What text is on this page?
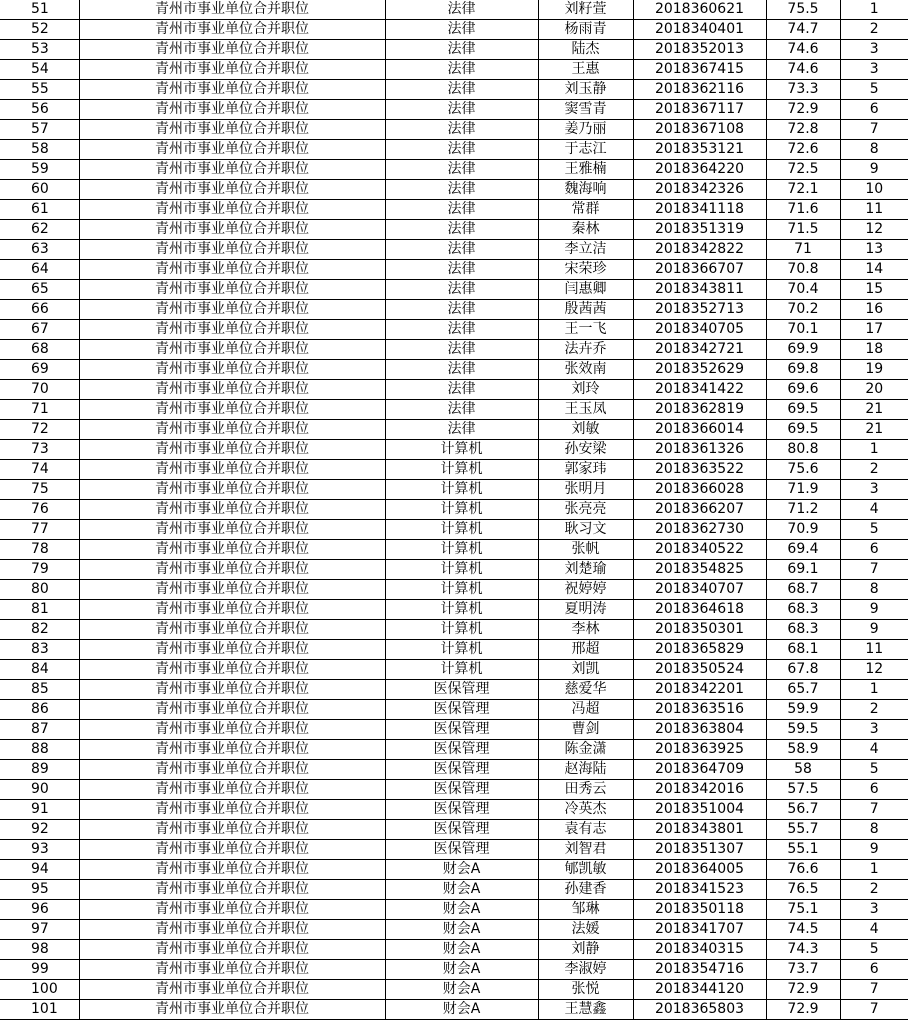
51	青州市事业单位合并职位	法律	刘籽萱	2018360621	75.5	1
52	青州市事业单位合并职位	法律	杨雨青	2018340401	74.7	2
53	青州市事业单位合并职位	法律	陆杰	2018352013	74.6	3
54	青州市事业单位合并职位	法律	王惠	2018367415	74.6	3
55	青州市事业单位合并职位	法律	刘玉静	2018362116	73.3	5
56	青州市事业单位合并职位	法律	窦雪青	2018367117	72.9	6
57	青州市事业单位合并职位	法律	姜乃丽	2018367108	72.8	7
58	青州市事业单位合并职位	法律	于志江	2018353121	72.6	8
59	青州市事业单位合并职位	法律	王雅楠	2018364220	72.5	9
60	青州市事业单位合并职位	法律	魏海响	2018342326	72.1	10
61	青州市事业单位合并职位	法律	常群	2018341118	71.6	11
62	青州市事业单位合并职位	法律	秦林	2018351319	71.5	12
63	青州市事业单位合并职位	法律	李立洁	2018342822	71	13
64	青州市事业单位合并职位	法律	宋荣珍	2018366707	70.8	14
65	青州市事业单位合并职位	法律	闫惠卿	2018343811	70.4	15
66	青州市事业单位合并职位	法律	殷茜茜	2018352713	70.2	16
67	青州市事业单位合并职位	法律	王一飞	2018340705	70.1	17
68	青州市事业单位合并职位	法律	法卉乔	2018342721	69.9	18
69	青州市事业单位合并职位	法律	张效南	2018352629	69.8	19
70	青州市事业单位合并职位	法律	刘玲	2018341422	69.6	20
71	青州市事业单位合并职位	法律	王玉凤	2018362819	69.5	21
72	青州市事业单位合并职位	法律	刘敏	2018366014	69.5	21
73	青州市事业单位合并职位	计算机	孙安梁	2018361326	80.8	1
74	青州市事业单位合并职位	计算机	郭家玮	2018363522	75.6	2
75	青州市事业单位合并职位	计算机	张明月	2018366028	71.9	3
76	青州市事业单位合并职位	计算机	张亮亮	2018366207	71.2	4
77	青州市事业单位合并职位	计算机	耿习文	2018362730	70.9	5
78	青州市事业单位合并职位	计算机	张帆	2018340522	69.4	6
79	青州市事业单位合并职位	计算机	刘楚瑜	2018354825	69.1	7
80	青州市事业单位合并职位	计算机	祝婷婷	2018340707	68.7	8
81	青州市事业单位合并职位	计算机	夏明涛	2018364618	68.3	9
82	青州市事业单位合并职位	计算机	李林	2018350301	68.3	9
83	青州市事业单位合并职位	计算机	邢超	2018365829	68.1	11
84	青州市事业单位合并职位	计算机	刘凯	2018350524	67.8	12
85	青州市事业单位合并职位	医保管理	慈爱华	2018342201	65.7	1
86	青州市事业单位合并职位	医保管理	冯超	2018363516	59.9	2
87	青州市事业单位合并职位	医保管理	曹剑	2018363804	59.5	3
88	青州市事业单位合并职位	医保管理	陈金潇	2018363925	58.9	4
89	青州市事业单位合并职位	医保管理	赵海陆	2018364709	58	5
90	青州市事业单位合并职位	医保管理	田秀云	2018342016	57.5	6
91	青州市事业单位合并职位	医保管理	冷英杰	2018351004	56.7	7
92	青州市事业单位合并职位	医保管理	袁有志	2018343801	55.7	8
93	青州市事业单位合并职位	医保管理	刘智君	2018351307	55.1	9
94	青州市事业单位合并职位	财会A	郇凯敏	2018364005	76.6	1
95	青州市事业单位合并职位	财会A	孙建香	2018341523	76.5	2
96	青州市事业单位合并职位	财会A	邹琳	2018350118	75.1	3
97	青州市事业单位合并职位	财会A	法媛	2018341707	74.5	4
98	青州市事业单位合并职位	财会A	刘静	2018340315	74.3	5
99	青州市事业单位合并职位	财会A	李淑婷	2018354716	73.7	6
100	青州市事业单位合并职位	财会A	张悦	2018344120	72.9	7
101	青州市事业单位合并职位	财会A	王慧鑫	2018365803	72.9	7
